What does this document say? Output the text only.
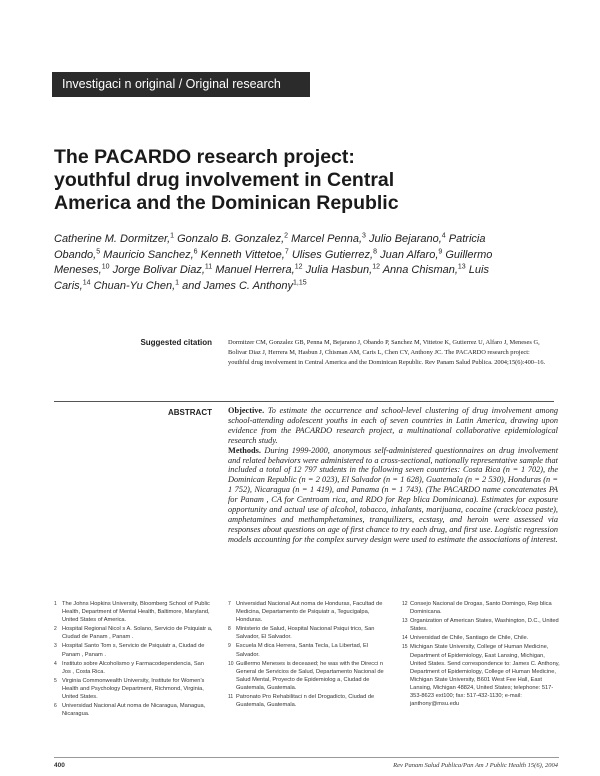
Investigaci n original / Original research
The PACARDO research project: youthful drug involvement in Central America and the Dominican Republic
Catherine M. Dormitzer,$^1$ Gonzalo B. Gonzalez,$^2$ Marcel Penna,$^3$ Julio Bejarano,$^4$ Patricia Obando,$^5$ Mauricio Sanchez,$^6$ Kenneth Vittetoe,$^7$ Ulises Gutierrez,$^8$ Juan Alfaro,$^9$ Guillermo Meneses,$^{10}$ Jorge Bolivar Diaz,$^{11}$ Manuel Herrera,$^{12}$ Julia Hasbun,$^{12}$ Anna Chisman,$^{13}$ Luis Caris,$^{14}$ Chuan-Yu Chen,$^1$ and James C. Anthony$^{1,15}$
Suggested citation	Dormitzer CM, Gonzalez GB, Penna M, Bejarano J, Obando P, Sanchez M, Vittetoe K, Gutierrez U, Alfaro J, Meneses G, Bolivar Diaz J, Herrera M, Hasbun J, Chisman AM, Caris L, Chen CY, Anthony JC. The PACARDO research project: youthful drug involvement in Central America and the Dominican Republic. Rev Panam Salud Publica. 2004;15(6):400–16.
ABSTRACT Objective. To estimate the occurrence and school-level clustering of drug involvement among school-attending adolescent youths in each of seven countries in Latin America, drawing upon evidence from the PACARDO research project, a multinational collaborative epidemiological research study.
Methods. During 1999-2000, anonymous self-administered questionnaires on drug involvement and related behaviors were administered to a cross-sectional, nationally representative sample that included a total of 12 797 students in the following seven countries: Costa Rica (n = 1 702), the Dominican Republic (n = 2 023), El Salvador (n = 1 628), Guatemala (n = 2 530), Honduras (n = 1 752), Nicaragua (n = 1 419), and Panama (n = 1 743). (The PACARDO name concatenates PA for Panam , CA for Centroam rica, and RDO for Rep blica Dominicana). Estimates for exposure opportunity and actual use of alcohol, tobacco, inhalants, marijuana, cocaine (crack/coca paste), amphetamines and methamphetamines, tranquilizers, ecstasy, and heroin were assessed via responses about questions on age of first chance to try each drug, and first use. Logistic regression models accounting for the complex survey design were used to estimate the associations of interest.
1 The Johns Hopkins University, Bloomberg School of Public Health, Department of Mental Health, Baltimore, Maryland, United States of America.
2 Hospital Regional Nicol s A. Solano, Servicio de Psiquiatr a, Ciudad de Panam , Panam .
3 Hospital Santo Tom s, Servicio de Psiquiatr a, Ciudad de Panam , Panam .
4 Instituto sobre Alcoholismo y Farmacodependencia, San Jos , Costa Rica.
5 Virginia Commonwealth University, Institute for Women's Health and Psychology Department, Richmond, Virginia, United States.
6 Universidad Nacional Aut noma de Nicaragua, Managua, Nicaragua.
7 Universidad Nacional Aut noma de Honduras, Facultad de Medicina, Departamento de Psiquiatr a, Tegucigalpa, Honduras.
8 Ministerio de Salud, Hospital Nacional Psiqui trico, San Salvador, El Salvador.
9 Escuela M dica Herrera, Santa Tecla, La Libertad, El Salvador.
10 Guillermo Meneses is deceased; he was with the Direcci n General de Servicios de Salud, Departamento Nacional de Salud Mental, Proyecto de Epidemiolog a, Ciudad de Guatemala, Guatemala.
11 Patronato Pro Rehabilitaci n del Drogadicto, Ciudad de Guatemala, Guatemala.
12 Consejo Nacional de Drogas, Santo Domingo, Rep blica Dominicana.
13 Organization of American States, Washington, D.C., United States.
14 Universidad de Chile, Santiago de Chile, Chile.
15 Michigan State University, College of Human Medicine, Department of Epidemiology, East Lansing, Michigan, United States. Send correspondence to: James C. Anthony, Department of Epidemiology, College of Human Medicine, Michigan State University, B601 West Fee Hall, East Lansing, Michigan 48824, United States; telephone: 517-353-8623 ext100; fax: 517-432-1130; e-mail: janthony@msu.edu
400	Rev Panam Salud Publica/Pan Am J Public Health 15(6), 2004
